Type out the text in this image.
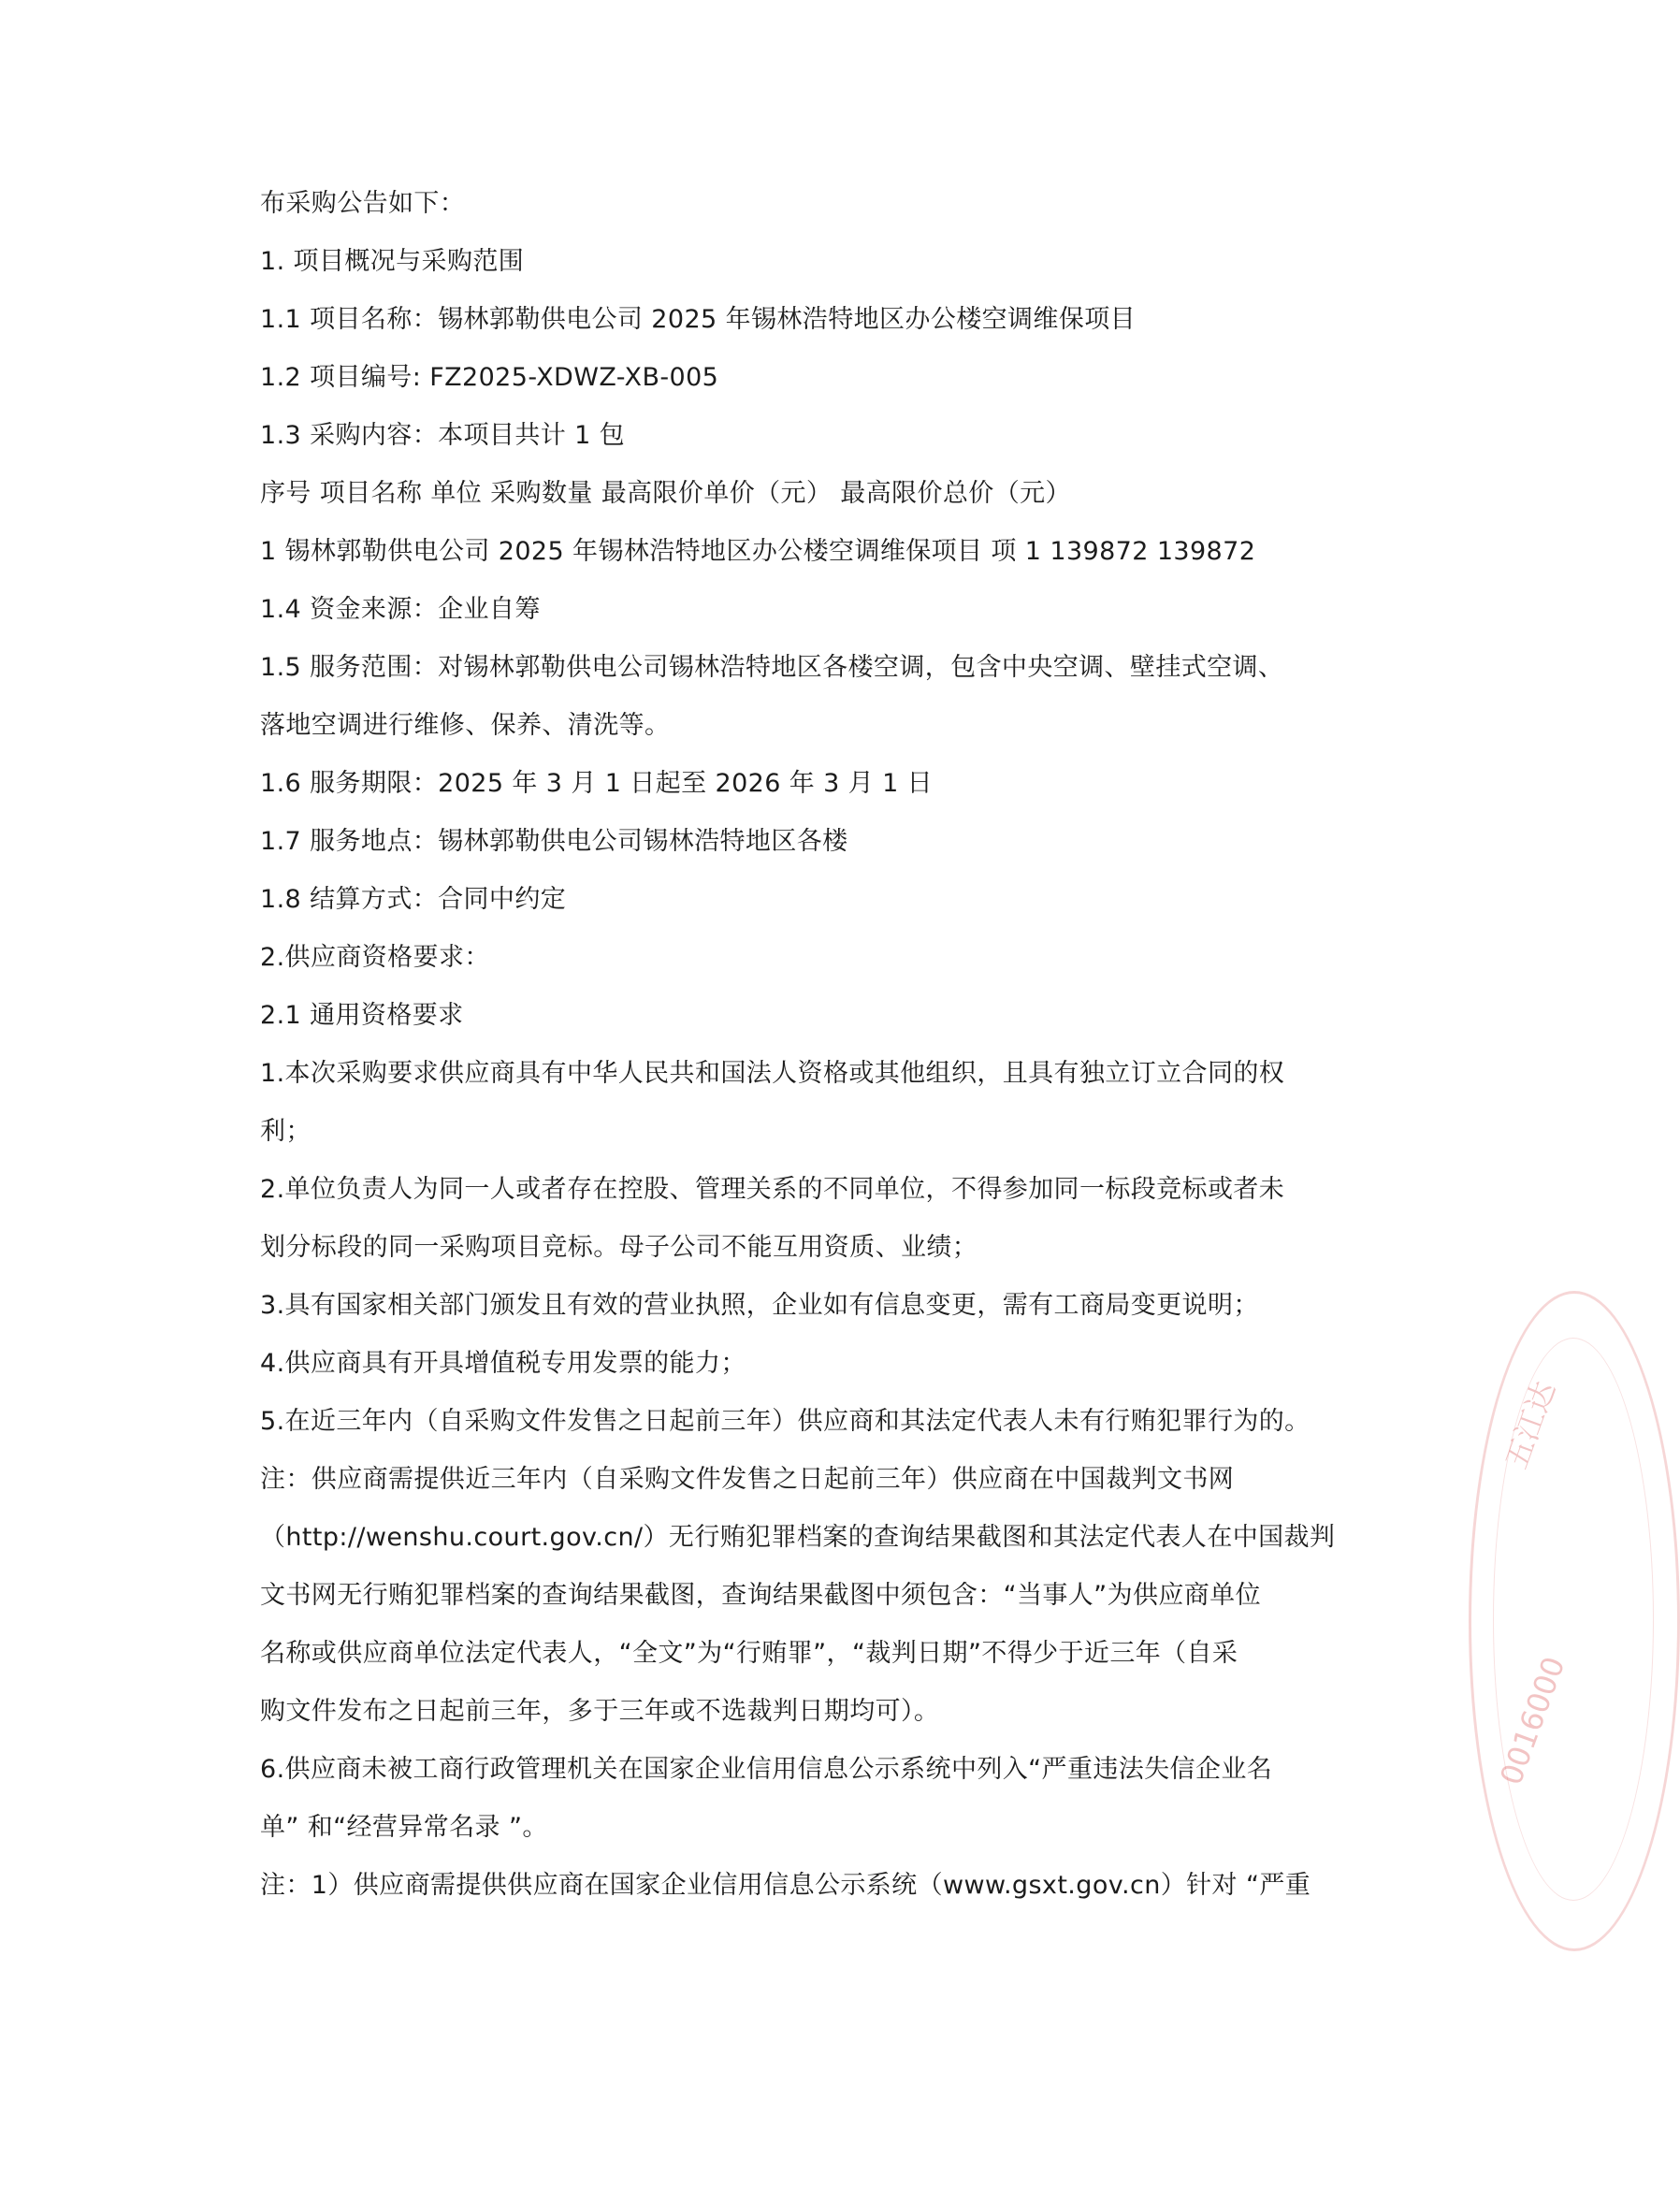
布采购公告如下：
1. 项目概况与采购范围
1.1 项目名称：锡林郭勒供电公司 2025 年锡林浩特地区办公楼空调维保项目
1.2 项目编号: FZ2025-XDWZ-XB-005
1.3 采购内容：本项目共计 1 包
序号 项目名称 单位 采购数量 最高限价单价（元） 最高限价总价（元）
1 锡林郭勒供电公司 2025 年锡林浩特地区办公楼空调维保项目 项 1 139872 139872
1.4 资金来源：企业自筹
1.5 服务范围：对锡林郭勒供电公司锡林浩特地区各楼空调，包含中央空调、壁挂式空调、
落地空调进行维修、保养、清洗等。
1.6 服务期限：2025 年 3 月 1 日起至 2026 年 3 月 1 日
1.7 服务地点：锡林郭勒供电公司锡林浩特地区各楼
1.8 结算方式：合同中约定
2.供应商资格要求：
2.1 通用资格要求
1.本次采购要求供应商具有中华人民共和国法人资格或其他组织，且具有独立订立合同的权
利；
2.单位负责人为同一人或者存在控股、管理关系的不同单位，不得参加同一标段竞标或者未
划分标段的同一采购项目竞标。母子公司不能互用资质、业绩；
3.具有国家相关部门颁发且有效的营业执照，企业如有信息变更，需有工商局变更说明；
4.供应商具有开具增值税专用发票的能力；
5.在近三年内（自采购文件发售之日起前三年）供应商和其法定代表人未有行贿犯罪行为的。
注：供应商需提供近三年内（自采购文件发售之日起前三年）供应商在中国裁判文书网
（http://wenshu.court.gov.cn/）无行贿犯罪档案的查询结果截图和其法定代表人在中国裁判
文书网无行贿犯罪档案的查询结果截图，查询结果截图中须包含：“当事人”为供应商单位
名称或供应商单位法定代表人，“全文”为“行贿罪”，“裁判日期”不得少于近三年（自采
购文件发布之日起前三年，多于三年或不选裁判日期均可）。
6.供应商未被工商行政管理机关在国家企业信用信息公示系统中列入“严重违法失信企业名
单” 和“经营异常名录 ”。
注：1）供应商需提供供应商在国家企业信用信息公示系统（www.gsxt.gov.cn）针对 “严重
五江达
0016000
